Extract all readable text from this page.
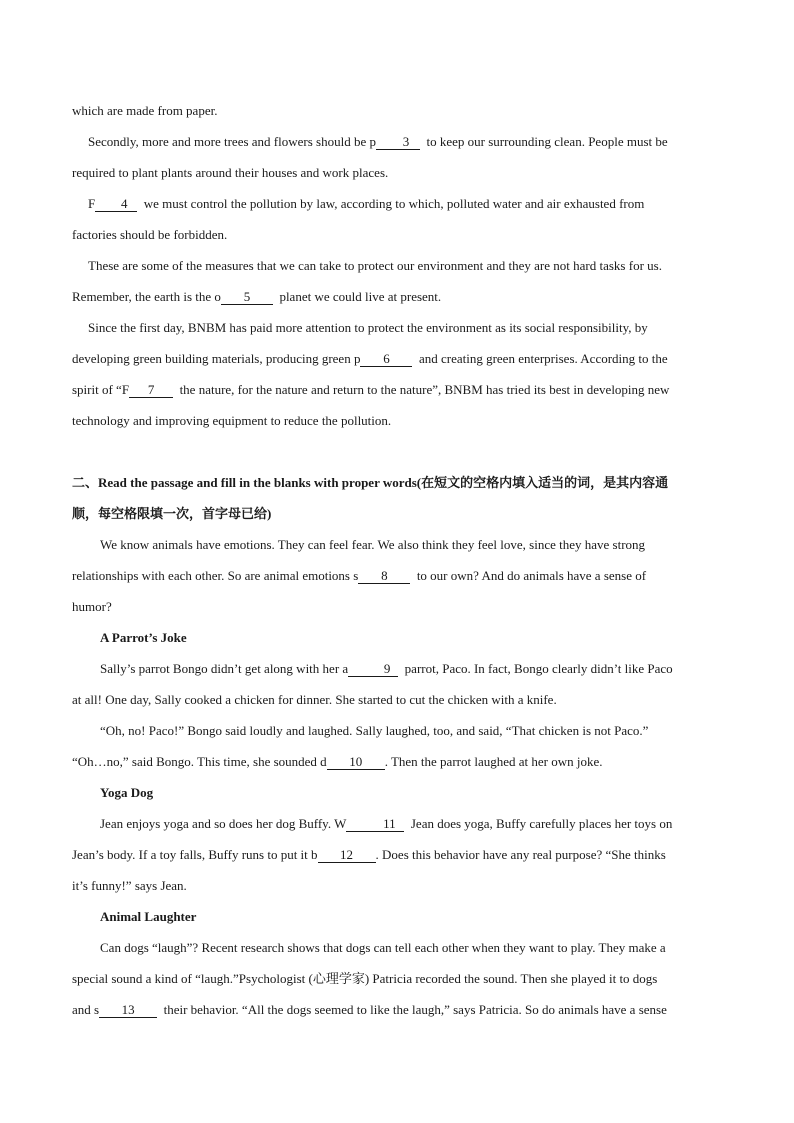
which are made from paper.
Secondly, more and more trees and flowers should be p 3 to keep our surrounding clean. People must be
required to plant plants around their houses and work places.
F 4 we must control the pollution by law, according to which, polluted water and air exhausted from
factories should be forbidden.
These are some of the measures that we can take to protect our environment and they are not hard tasks for us.
Remember, the earth is the o 5 planet we could live at present.
Since the first day, BNBM has paid more attention to protect the environment as its social responsibility, by
developing green building materials, producing green p 6 and creating green enterprises. According to the
spirit of “F 7 the nature, for the nature and return to the nature”, BNBM has tried its best in developing new
technology and improving equipment to reduce the pollution.
二、Read the passage and fill in the blanks with proper words(在短文的空格内填入适当的词，是其内容通
顺，每空格限填一次，首字母已给)
We know animals have emotions. They can feel fear. We also think they feel love, since they have strong
relationships with each other. So are animal emotions s 8 to our own? And do animals have a sense of
humor?
A Parrot’s Joke
Sally’s parrot Bongo didn’t get along with her a	9 parrot, Paco. In fact, Bongo clearly didn’t like Paco
at all! One day, Sally cooked a chicken for dinner. She started to cut the chicken with a knife.
“Oh, no! Paco!” Bongo said loudly and laughed. Sally laughed, too, and said, “That chicken is not Paco.”
“Oh…no,” said Bongo. This time, she sounded d 10 . Then the parrot laughed at her own joke.
Yoga Dog
Jean enjoys yoga and so does her dog Buffy. W	11 Jean does yoga, Buffy carefully places her toys on
Jean’s body. If a toy falls, Buffy runs to put it b 12 . Does this behavior have any real purpose? “She thinks
it’s funny!” says Jean.
Animal Laughter
Can dogs “laugh”? Recent research shows that dogs can tell each other when they want to play. They make a
special sound a kind of “laugh.”Psychologist (心理学家) Patricia recorded the sound. Then she played it to dogs
and s 13 their behavior. “All the dogs seemed to like the laugh,” says Patricia. So do animals have a sense
